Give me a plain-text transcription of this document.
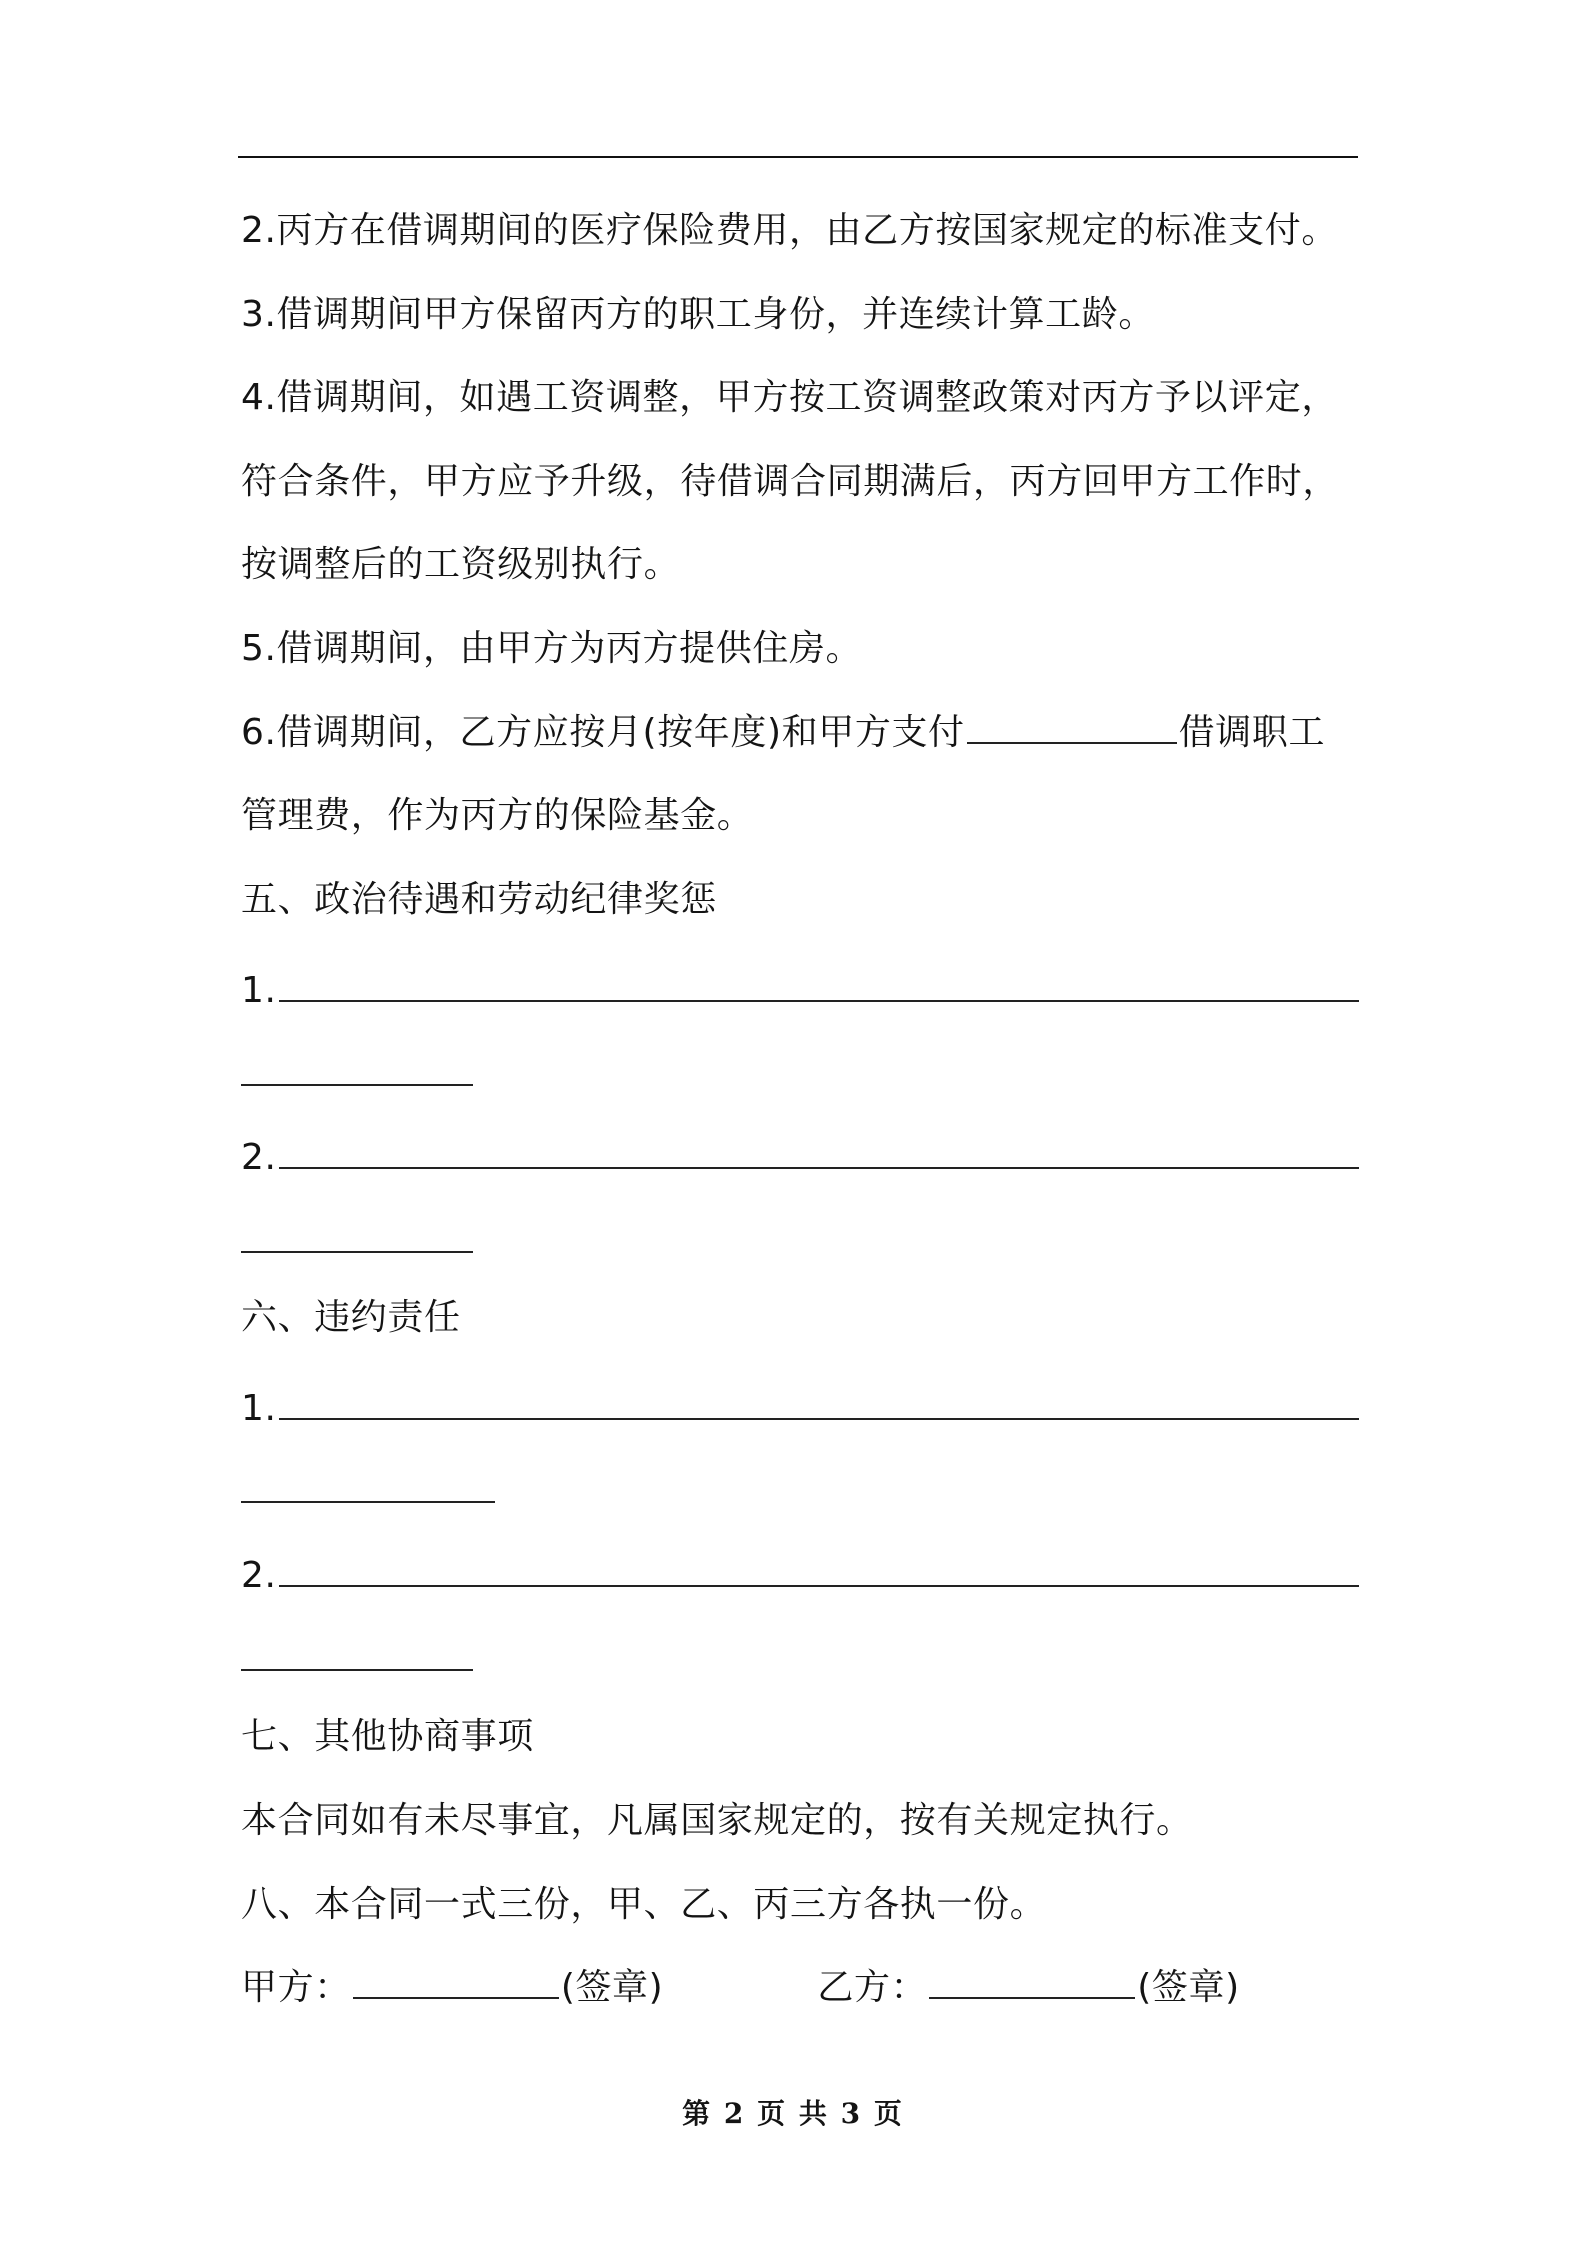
2.丙方在借调期间的医疗保险费用，由乙方按国家规定的标准支付。
3.借调期间甲方保留丙方的职工身份，并连续计算工龄。
4.借调期间，如遇工资调整，甲方按工资调整政策对丙方予以评定，
符合条件，甲方应予升级，待借调合同期满后，丙方回甲方工作时，
按调整后的工资级别执行。
5.借调期间，由甲方为丙方提供住房。
6.借调期间，乙方应按月(按年度)和甲方支付	借调职工
管理费，作为丙方的保险基金。
五、政治待遇和劳动纪律奖惩
1.
2.
六、违约责任
1.
2.
七、其他协商事项
本合同如有未尽事宜，凡属国家规定的，按有关规定执行。
八、本合同一式三份，甲、乙、丙三方各执一份。
甲方：	(签章)	乙方：	(签章)
第 2 页 共 3 页
